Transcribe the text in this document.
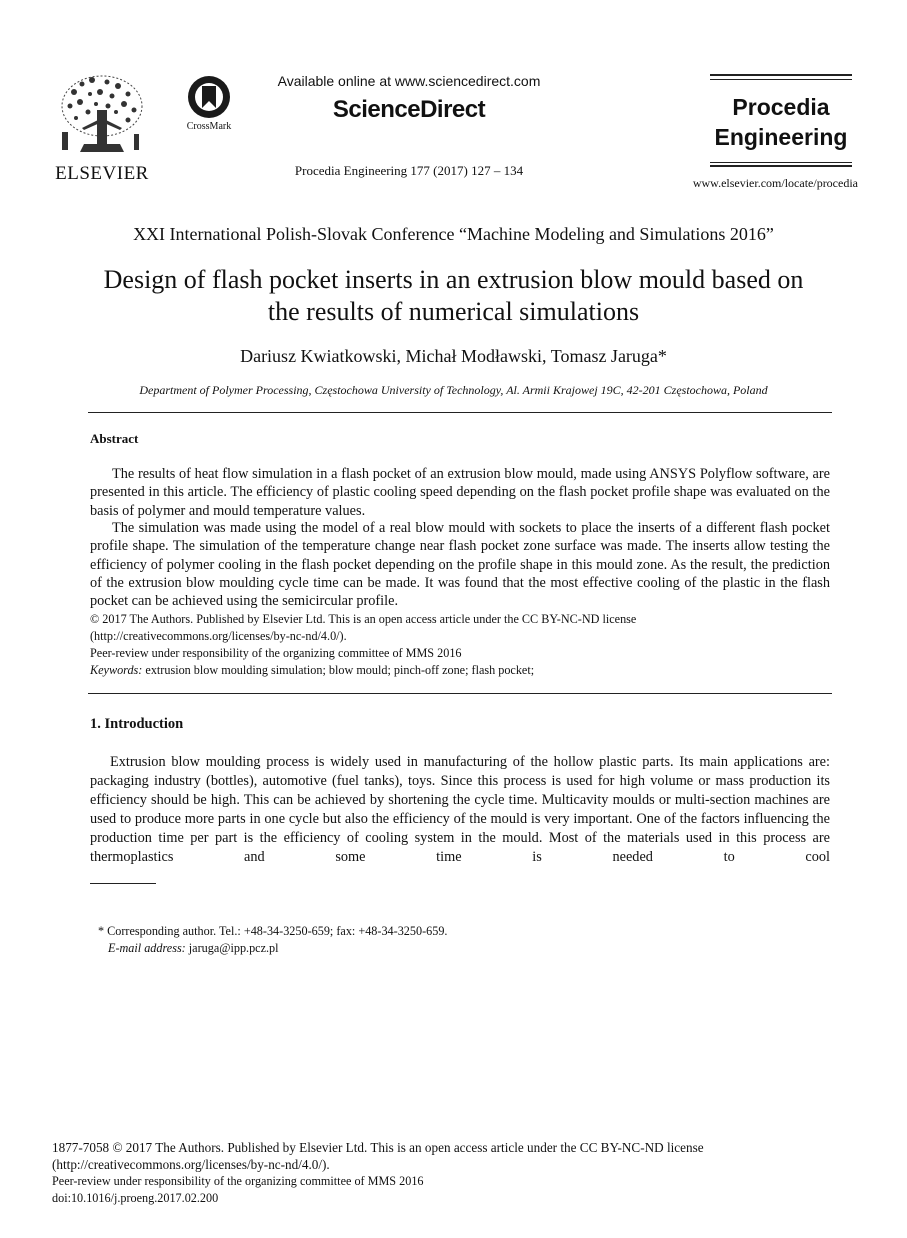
ELSEVIER
CrossMark
Available online at www.sciencedirect.com
ScienceDirect
Procedia Engineering 177 (2017) 127 – 134
Procedia
Engineering
www.elsevier.com/locate/procedia
XXI International Polish-Slovak Conference “Machine Modeling and Simulations 2016”
Design of flash pocket inserts in an extrusion blow mould based on
the results of numerical simulations
Dariusz Kwiatkowski, Michał Modławski, Tomasz Jaruga*
Department of Polymer Processing, Częstochowa University of Technology, Al. Armii Krajowej 19C, 42-201 Częstochowa, Poland
Abstract

The results of heat flow simulation in a flash pocket of an extrusion blow mould, made using ANSYS Polyflow software, are presented in this article. The efficiency of plastic cooling speed depending on the flash pocket profile shape was evaluated on the basis of polymer and mould temperature values.

The simulation was made using the model of a real blow mould with sockets to place the inserts of a different flash pocket profile shape. The simulation of the temperature change near flash pocket zone surface was made. The inserts allow testing the efficiency of polymer cooling in the flash pocket depending on the profile shape in this mould zone. As the result, the prediction of the extrusion blow moulding cycle time can be made. It was found that the most effective cooling of the plastic in the flash pocket can be achieved using the semicircular profile.

© 2017 The Authors. Published by Elsevier Ltd. This is an open access article under the CC BY-NC-ND license
(http://creativecommons.org/licenses/by-nc-nd/4.0/).
Peer-review under responsibility of the organizing committee of MMS 2016
Keywords: extrusion blow moulding simulation; blow mould; pinch-off zone; flash pocket;
1. Introduction

Extrusion blow moulding process is widely used in manufacturing of the hollow plastic parts. Its main applications are: packaging industry (bottles), automotive (fuel tanks), toys. Since this process is used for high volume or mass production its efficiency should be high. This can be achieved by shortening the cycle time. Multicavity moulds or multi-section machines are used to produce more parts in one cycle but also the efficiency of the mould is very important. One of the factors influencing the production time per part is the efficiency of cooling system in the mould. Most of the materials used in this process are thermoplastics and some time is needed to cool

* Corresponding author. Tel.: +48-34-3250-659; fax: +48-34-3250-659.
E-mail address: jaruga@ipp.pcz.pl
1877-7058 © 2017 The Authors. Published by Elsevier Ltd. This is an open access article under the CC BY-NC-ND license
(http://creativecommons.org/licenses/by-nc-nd/4.0/).
Peer-review under responsibility of the organizing committee of MMS 2016
doi:10.1016/j.proeng.2017.02.200
